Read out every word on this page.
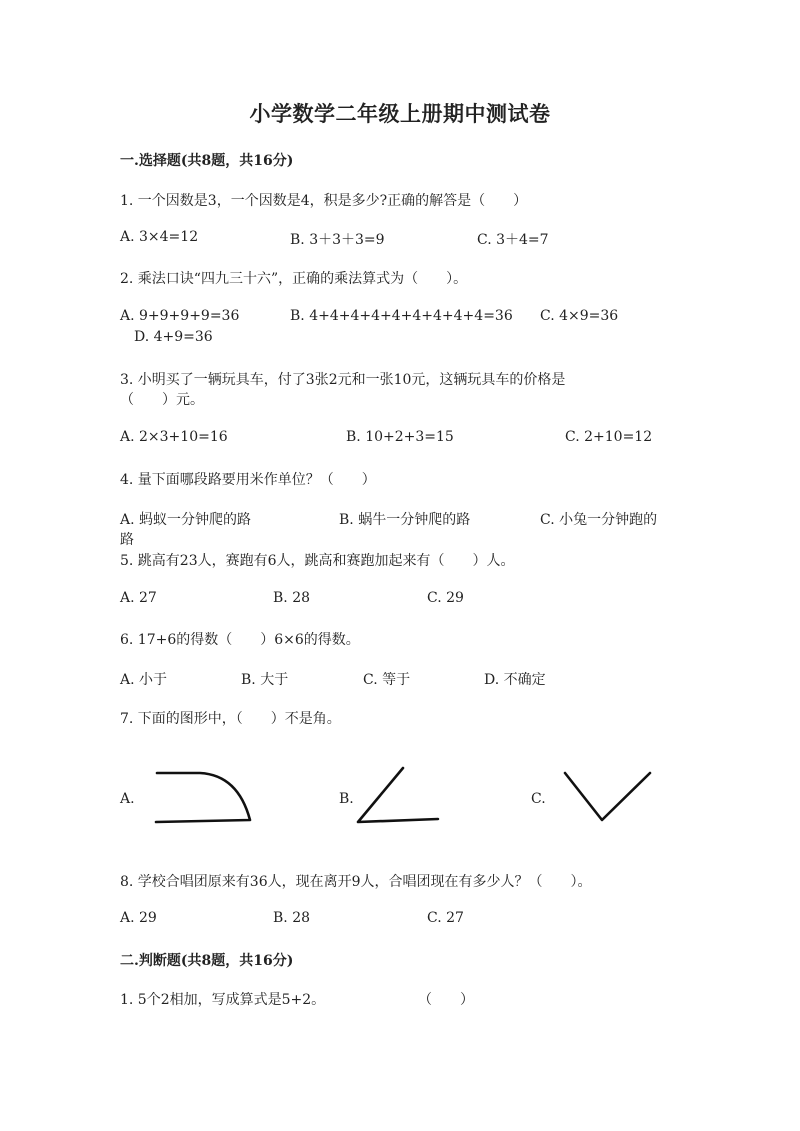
小学数学二年级上册期中测试卷
一.选择题(共8题，共16分)
1. 一个因数是3，一个因数是4，积是多少?正确的解答是（　　）
A. 3×4=12	B. 3＋3＋3=9	C. 3＋4=7
2. 乘法口诀“四九三十六”，正确的乘法算式为（　　）。
A. 9+9+9+9=36	B. 4+4+4+4+4+4+4+4+4=36 C. 4×9=36
D. 4+9=36
3. 小明买了一辆玩具车，付了3张2元和一张10元，这辆玩具车的价格是
（　　）元。
A. 2×3+10=16	B. 10+2+3=15	C. 2+10=12
4. 量下面哪段路要用米作单位？（　　）
A. 蚂蚁一分钟爬的路	B. 蜗牛一分钟爬的路	C. 小兔一分钟跑的
路
5. 跳高有23人，赛跑有6人，跳高和赛跑加起来有（　　）人。
A. 27	B. 28	C. 29
6. 17+6的得数（　　）6×6的得数。
A. 小于	B. 大于	C. 等于	D. 不确定
7. 下面的图形中，（　　）不是角。
A.	B.	C.
8. 学校合唱团原来有36人，现在离开9人，合唱团现在有多少人？（　　）。
A. 29	B. 28	C. 27
二.判断题(共8题，共16分)
1. 5个2相加，写成算式是5+2。	（　　）
